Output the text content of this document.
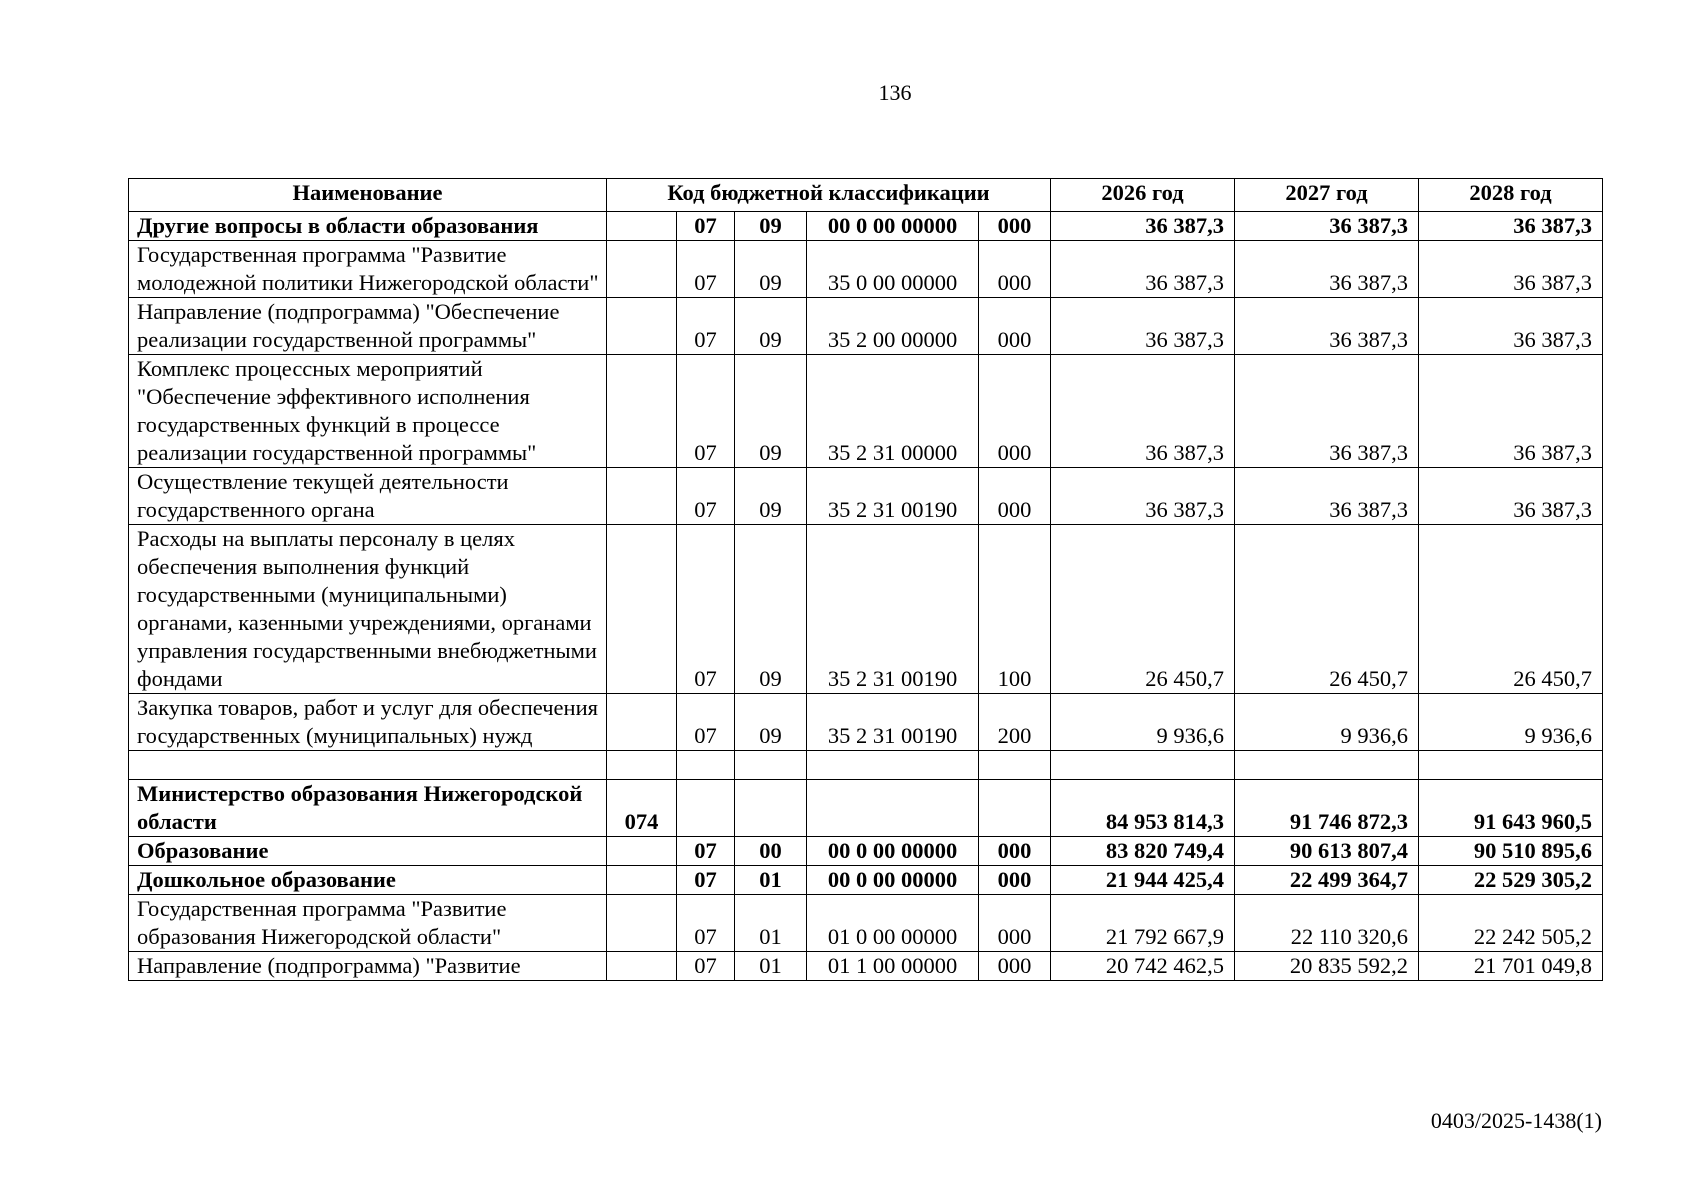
136
Наименование	Код бюджетной классификации					2026 год	2027 год	2028 год
Другие вопросы в области образования		07	09	00 0 00 00000	000	36 387,3	36 387,3	36 387,3
Государственная программа "Развитие молодежной политики Нижегородской области"		07	09	35 0 00 00000	000	36 387,3	36 387,3	36 387,3
Направление (подпрограмма) "Обеспечение реализации государственной программы"		07	09	35 2 00 00000	000	36 387,3	36 387,3	36 387,3
Комплекс процессных мероприятий "Обеспечение эффективного исполнения государственных функций в процессе реализации государственной программы"		07	09	35 2 31 00000	000	36 387,3	36 387,3	36 387,3
Осуществление текущей деятельности государственного органа		07	09	35 2 31 00190	000	36 387,3	36 387,3	36 387,3
Расходы на выплаты персоналу в целях обеспечения выполнения функций государственными (муниципальными) органами, казенными учреждениями, органами управления государственными внебюджетными фондами		07	09	35 2 31 00190	100	26 450,7	26 450,7	26 450,7
Закупка товаров, работ и услуг для обеспечения государственных (муниципальных) нужд		07	09	35 2 31 00190	200	9 936,6	9 936,6	9 936,6

Министерство образования Нижегородской области	074					84 953 814,3	91 746 872,3	91 643 960,5
Образование		07	00	00 0 00 00000	000	83 820 749,4	90 613 807,4	90 510 895,6
Дошкольное образование		07	01	00 0 00 00000	000	21 944 425,4	22 499 364,7	22 529 305,2
Государственная программа "Развитие образования Нижегородской области"		07	01	01 0 00 00000	000	21 792 667,9	22 110 320,6	22 242 505,2
Направление (подпрограмма) "Развитие		07	01	01 1 00 00000	000	20 742 462,5	20 835 592,2	21 701 049,8
0403/2025-1438(1)
